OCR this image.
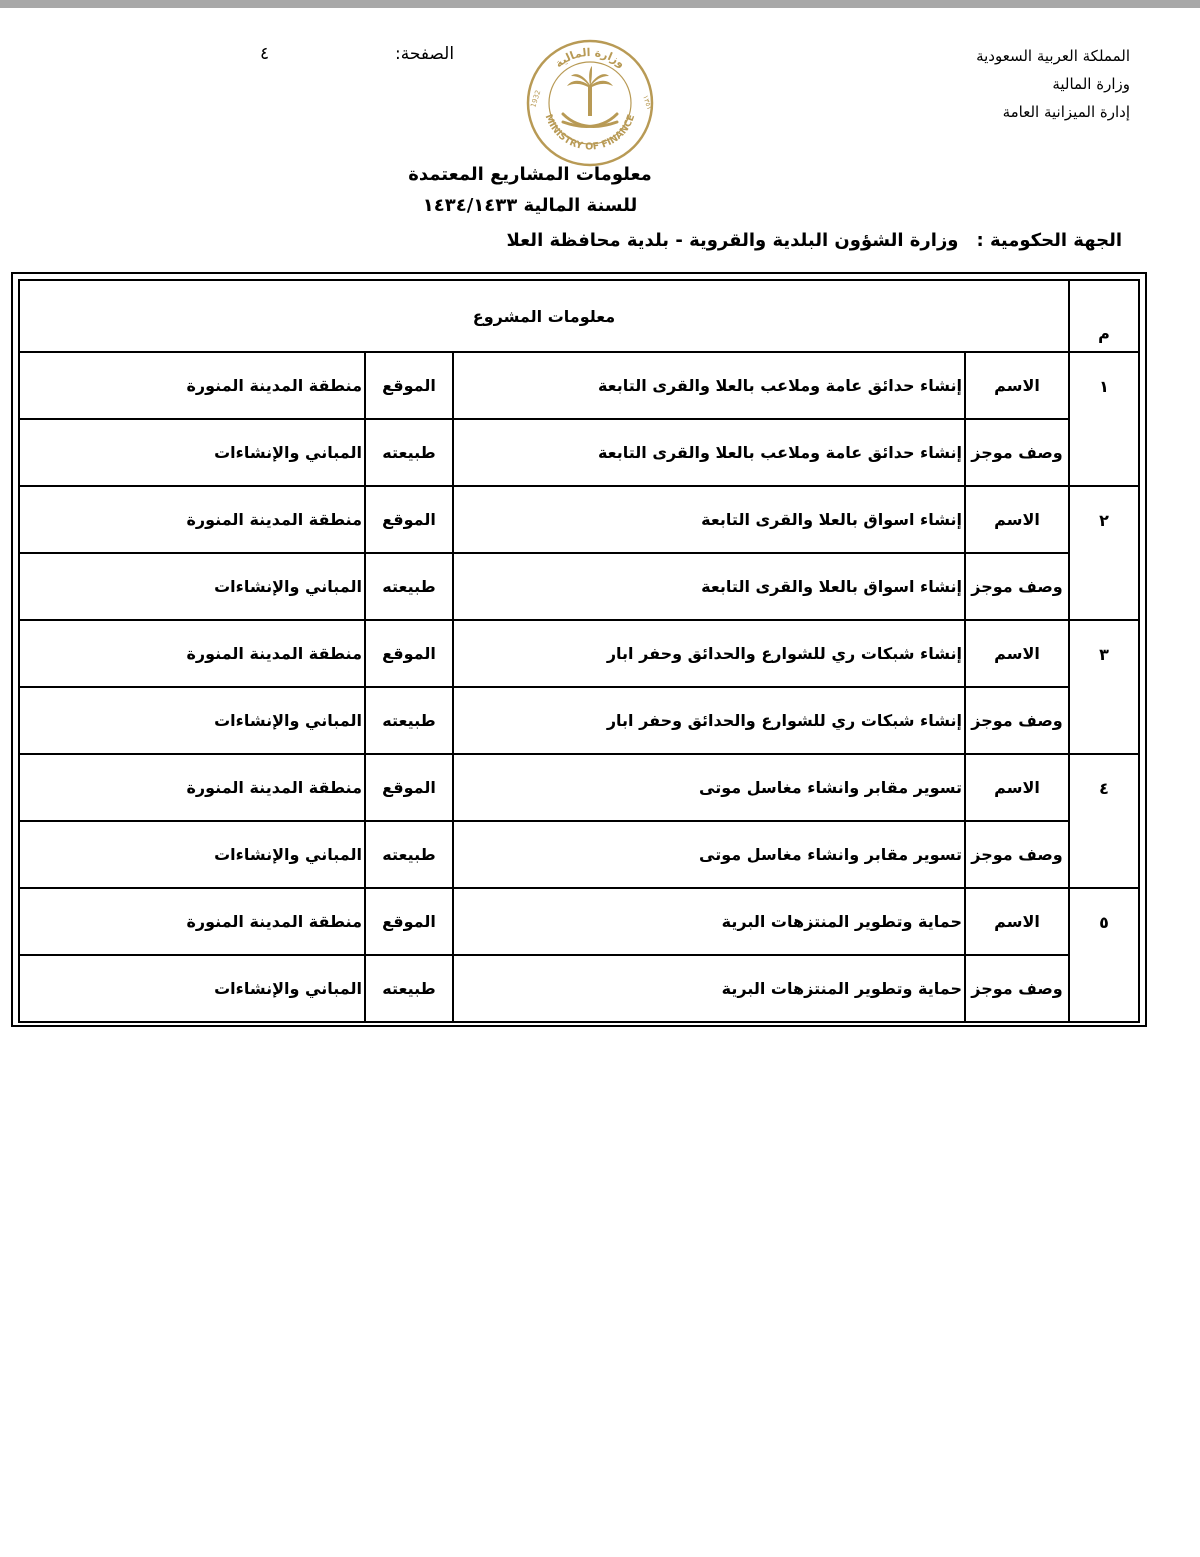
المملكة العربية السعودية
وزارة المالية
إدارة الميزانية العامة
الصفحة:
٤	وزارة المالية
MINISTRY OF FINANCE
1932	١٣٥١
معلومات المشاريع المعتمدة
للسنة المالية ١٤٣٤/١٤٣٣
الجهة الحكومية :وزارة الشؤون البلدية والقروية - بلدية محافظة العلا
م	معلومات المشروع			
١	الاسم	إنشاء حدائق عامة وملاعب بالعلا والقرى التابعة	الموقع	منطقة المدينة المنورة
	وصف موجز	إنشاء حدائق عامة وملاعب بالعلا والقرى التابعة	طبيعته	المباني والإنشاءات
٢	الاسم	إنشاء اسواق بالعلا والقرى التابعة	الموقع	منطقة المدينة المنورة
	وصف موجز	إنشاء اسواق بالعلا والقرى التابعة	طبيعته	المباني والإنشاءات
٣	الاسم	إنشاء شبكات ري للشوارع والحدائق وحفر ابار	الموقع	منطقة المدينة المنورة
	وصف موجز	إنشاء شبكات ري للشوارع والحدائق وحفر ابار	طبيعته	المباني والإنشاءات
٤	الاسم	تسوير مقابر وانشاء مغاسل موتى	الموقع	منطقة المدينة المنورة
	وصف موجز	تسوير مقابر وانشاء مغاسل موتى	طبيعته	المباني والإنشاءات
٥	الاسم	حماية وتطوير المنتزهات البرية	الموقع	منطقة المدينة المنورة
	وصف موجز	حماية وتطوير المنتزهات البرية	طبيعته	المباني والإنشاءات
